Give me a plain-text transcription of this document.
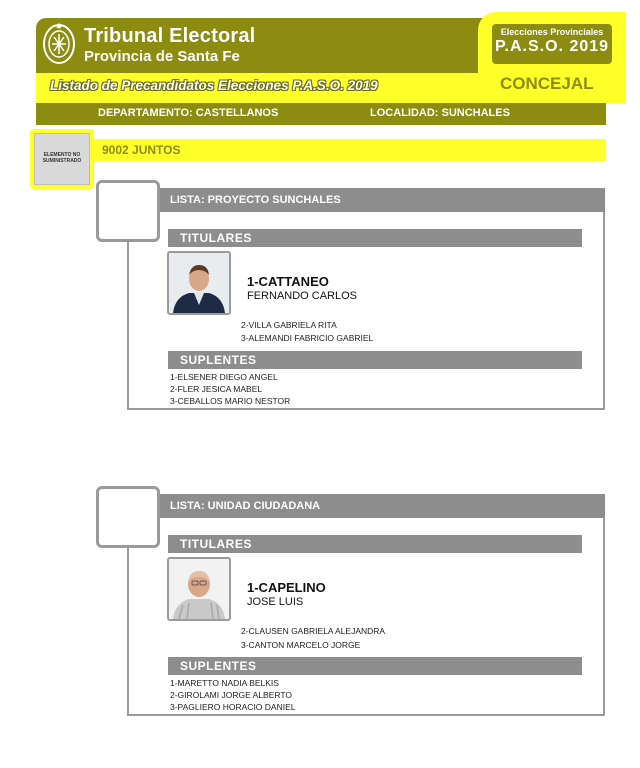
Tribunal Electoral
Provincia de Santa Fe
Listado de Precandidatos Elecciones P.A.S.O. 2019
Elecciones Provinciales
P.A.S.O. 2019
CONCEJAL
DEPARTAMENTO: CASTELLANOS	LOCALIDAD: SUNCHALES
ELEMENTO NO SUMINISTRADO
9002 JUNTOS
LISTA: PROYECTO SUNCHALES
TITULARES
1-CATTANEO
FERNANDO CARLOS
2-VILLA GABRIELA RITA
3-ALEMANDI FABRICIO GABRIEL
SUPLENTES
1-ELSENER DIEGO ANGEL
2-FLER JESICA MABEL
3-CEBALLOS MARIO NESTOR
LISTA: UNIDAD CIUDADANA
TITULARES
1-CAPELINO
JOSE LUIS
2-CLAUSEN GABRIELA ALEJANDRA
3-CANTON MARCELO JORGE
SUPLENTES
1-MARETTO NADIA BELKIS
2-GIROLAMI JORGE ALBERTO
3-PAGLIERO HORACIO DANIEL
